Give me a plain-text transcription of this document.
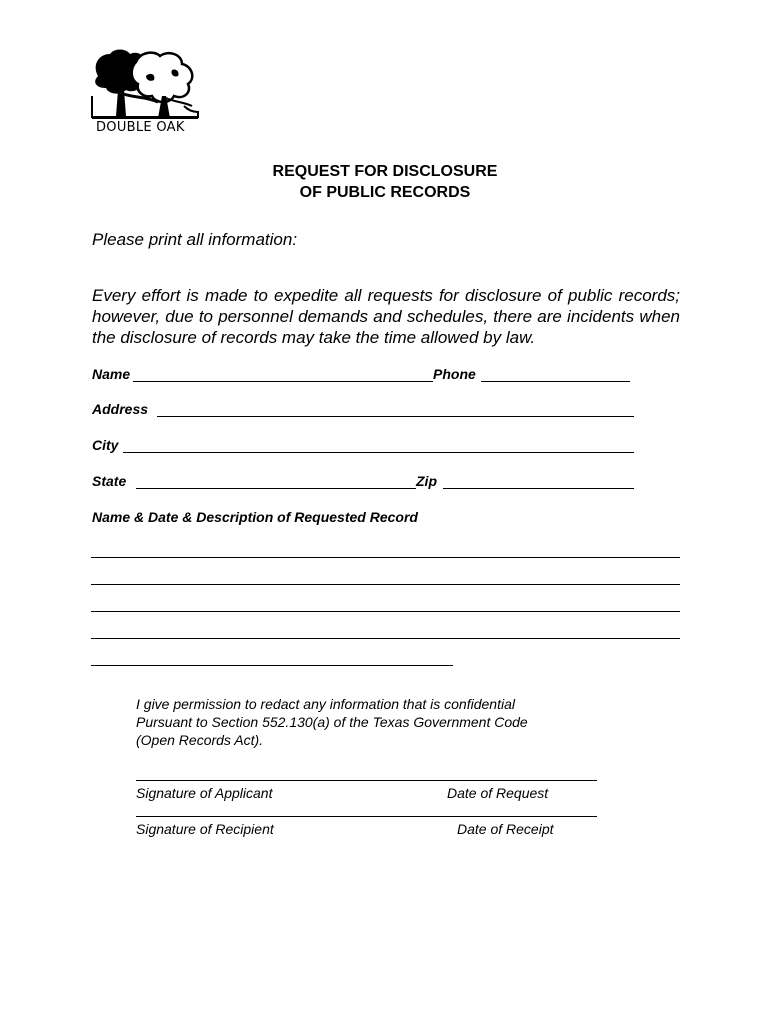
DOUBLE OAK
REQUEST FOR DISCLOSURE
OF PUBLIC RECORDS
Please print all information:
Every effort is made to expedite all requests for disclosure of public records; however, due to personnel demands and schedules, there are incidents when the disclosure of records may take the time allowed by law.
Name	Phone
Address
City
State	Zip
Name & Date & Description of Requested Record
I give permission to redact any information that is confidential
Pursuant to Section 552.130(a) of the Texas Government Code
(Open Records Act).
Signature of Applicant	Date of Request
Signature of Recipient	Date of Receipt
